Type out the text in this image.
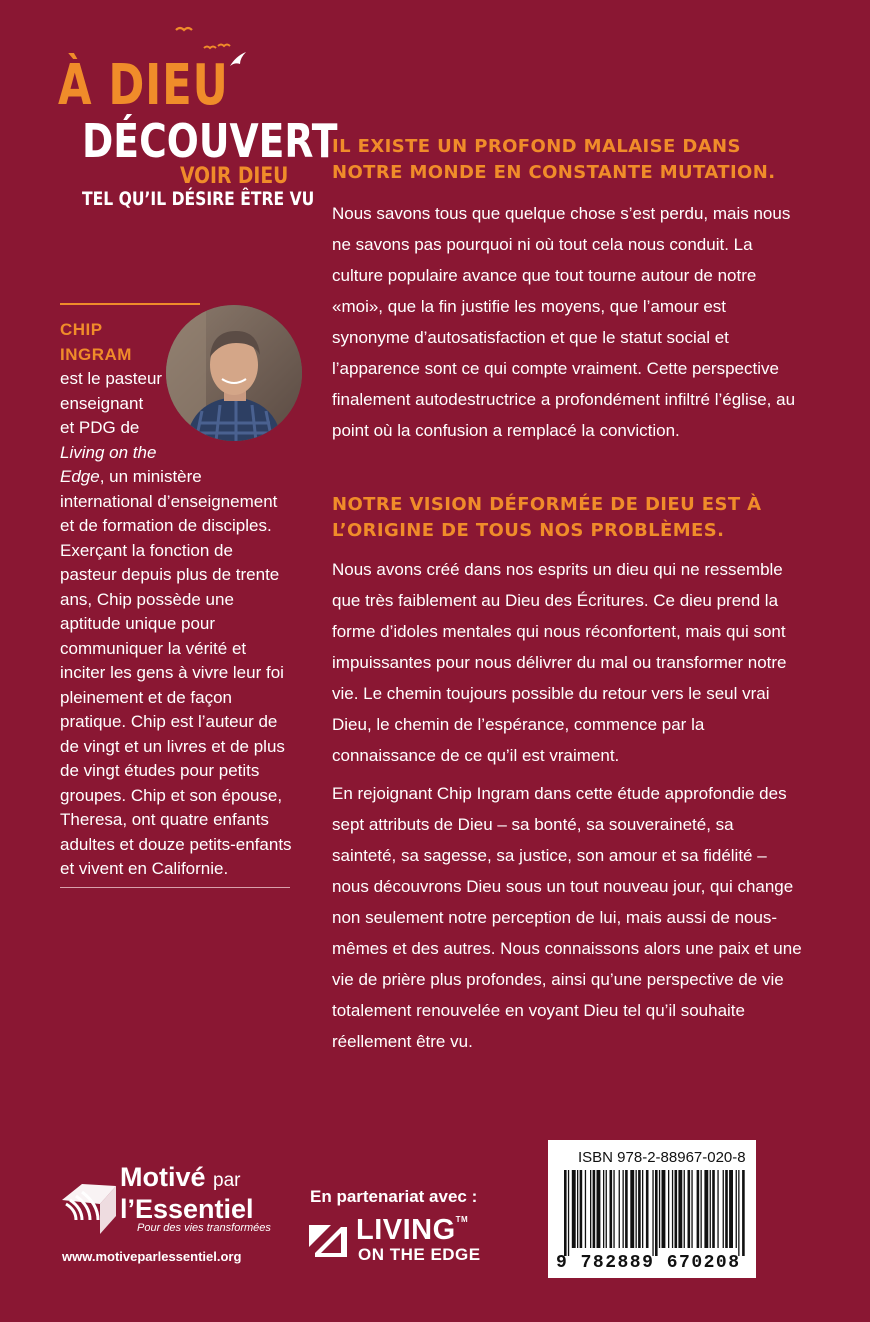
À DIEU
DÉCOUVERT
VOIR DIEU
TEL QU’IL DÉSIRE ÊTRE VU
CHIP INGRAM
est le pasteur
enseignant
et PDG de
Living on the
Edge, un ministère international d’enseignement et de formation de disciples. Exerçant la fonction de pasteur depuis plus de trente ans, Chip possède une aptitude unique pour communiquer la vérité et inciter les gens à vivre leur foi pleinement et de façon pratique. Chip est l’auteur de de vingt et un livres et de plus de vingt études pour petits groupes. Chip et son épouse, Theresa, ont quatre enfants adultes et douze petits-enfants et vivent en Californie.
IL EXISTE UN PROFOND MALAISE DANS NOTRE MONDE EN CONSTANTE MUTATION.
Nous savons tous que quelque chose s’est perdu, mais nous ne savons pas pourquoi ni où tout cela nous conduit. La culture populaire avance que tout tourne autour de notre «moi», que la fin justifie les moyens, que l’amour est synonyme d’autosatisfaction et que le statut social et l’apparence sont ce qui compte vraiment. Cette perspective finalement autodestructrice a profondément infiltré l’église, au point où la confusion a remplacé la conviction.
NOTRE VISION DÉFORMÉE DE DIEU EST À L’ORIGINE DE TOUS NOS PROBLÈMES.
Nous avons créé dans nos esprits un dieu qui ne ressemble que très faiblement au Dieu des Écritures. Ce dieu prend la forme d’idoles mentales qui nous réconfortent, mais qui sont impuissantes pour nous délivrer du mal ou transformer notre vie. Le chemin toujours possible du retour vers le seul vrai Dieu, le chemin de l’espérance, commence par la connaissance de ce qu’il est vraiment.
En rejoignant Chip Ingram dans cette étude approfondie des sept attributs de Dieu – sa bonté, sa souveraineté, sa sainteté, sa sagesse, sa justice, son amour et sa fidélité – nous découvrons Dieu sous un tout nouveau jour, qui change non seulement notre perception de lui, mais aussi de nous-mêmes et des autres. Nous connaissons alors une paix et une vie de prière plus profondes, ainsi qu’une perspective de vie totalement renouvelée en voyant Dieu tel qu’il souhaite réellement être vu.
Motivé par
l’Essentiel
Pour des vies transformées
www.motiveparlessentiel.org
En partenariat avec :
LIVING™
ON THE EDGE
ISBN 978-2-88967-020-8
9 782889 670208
